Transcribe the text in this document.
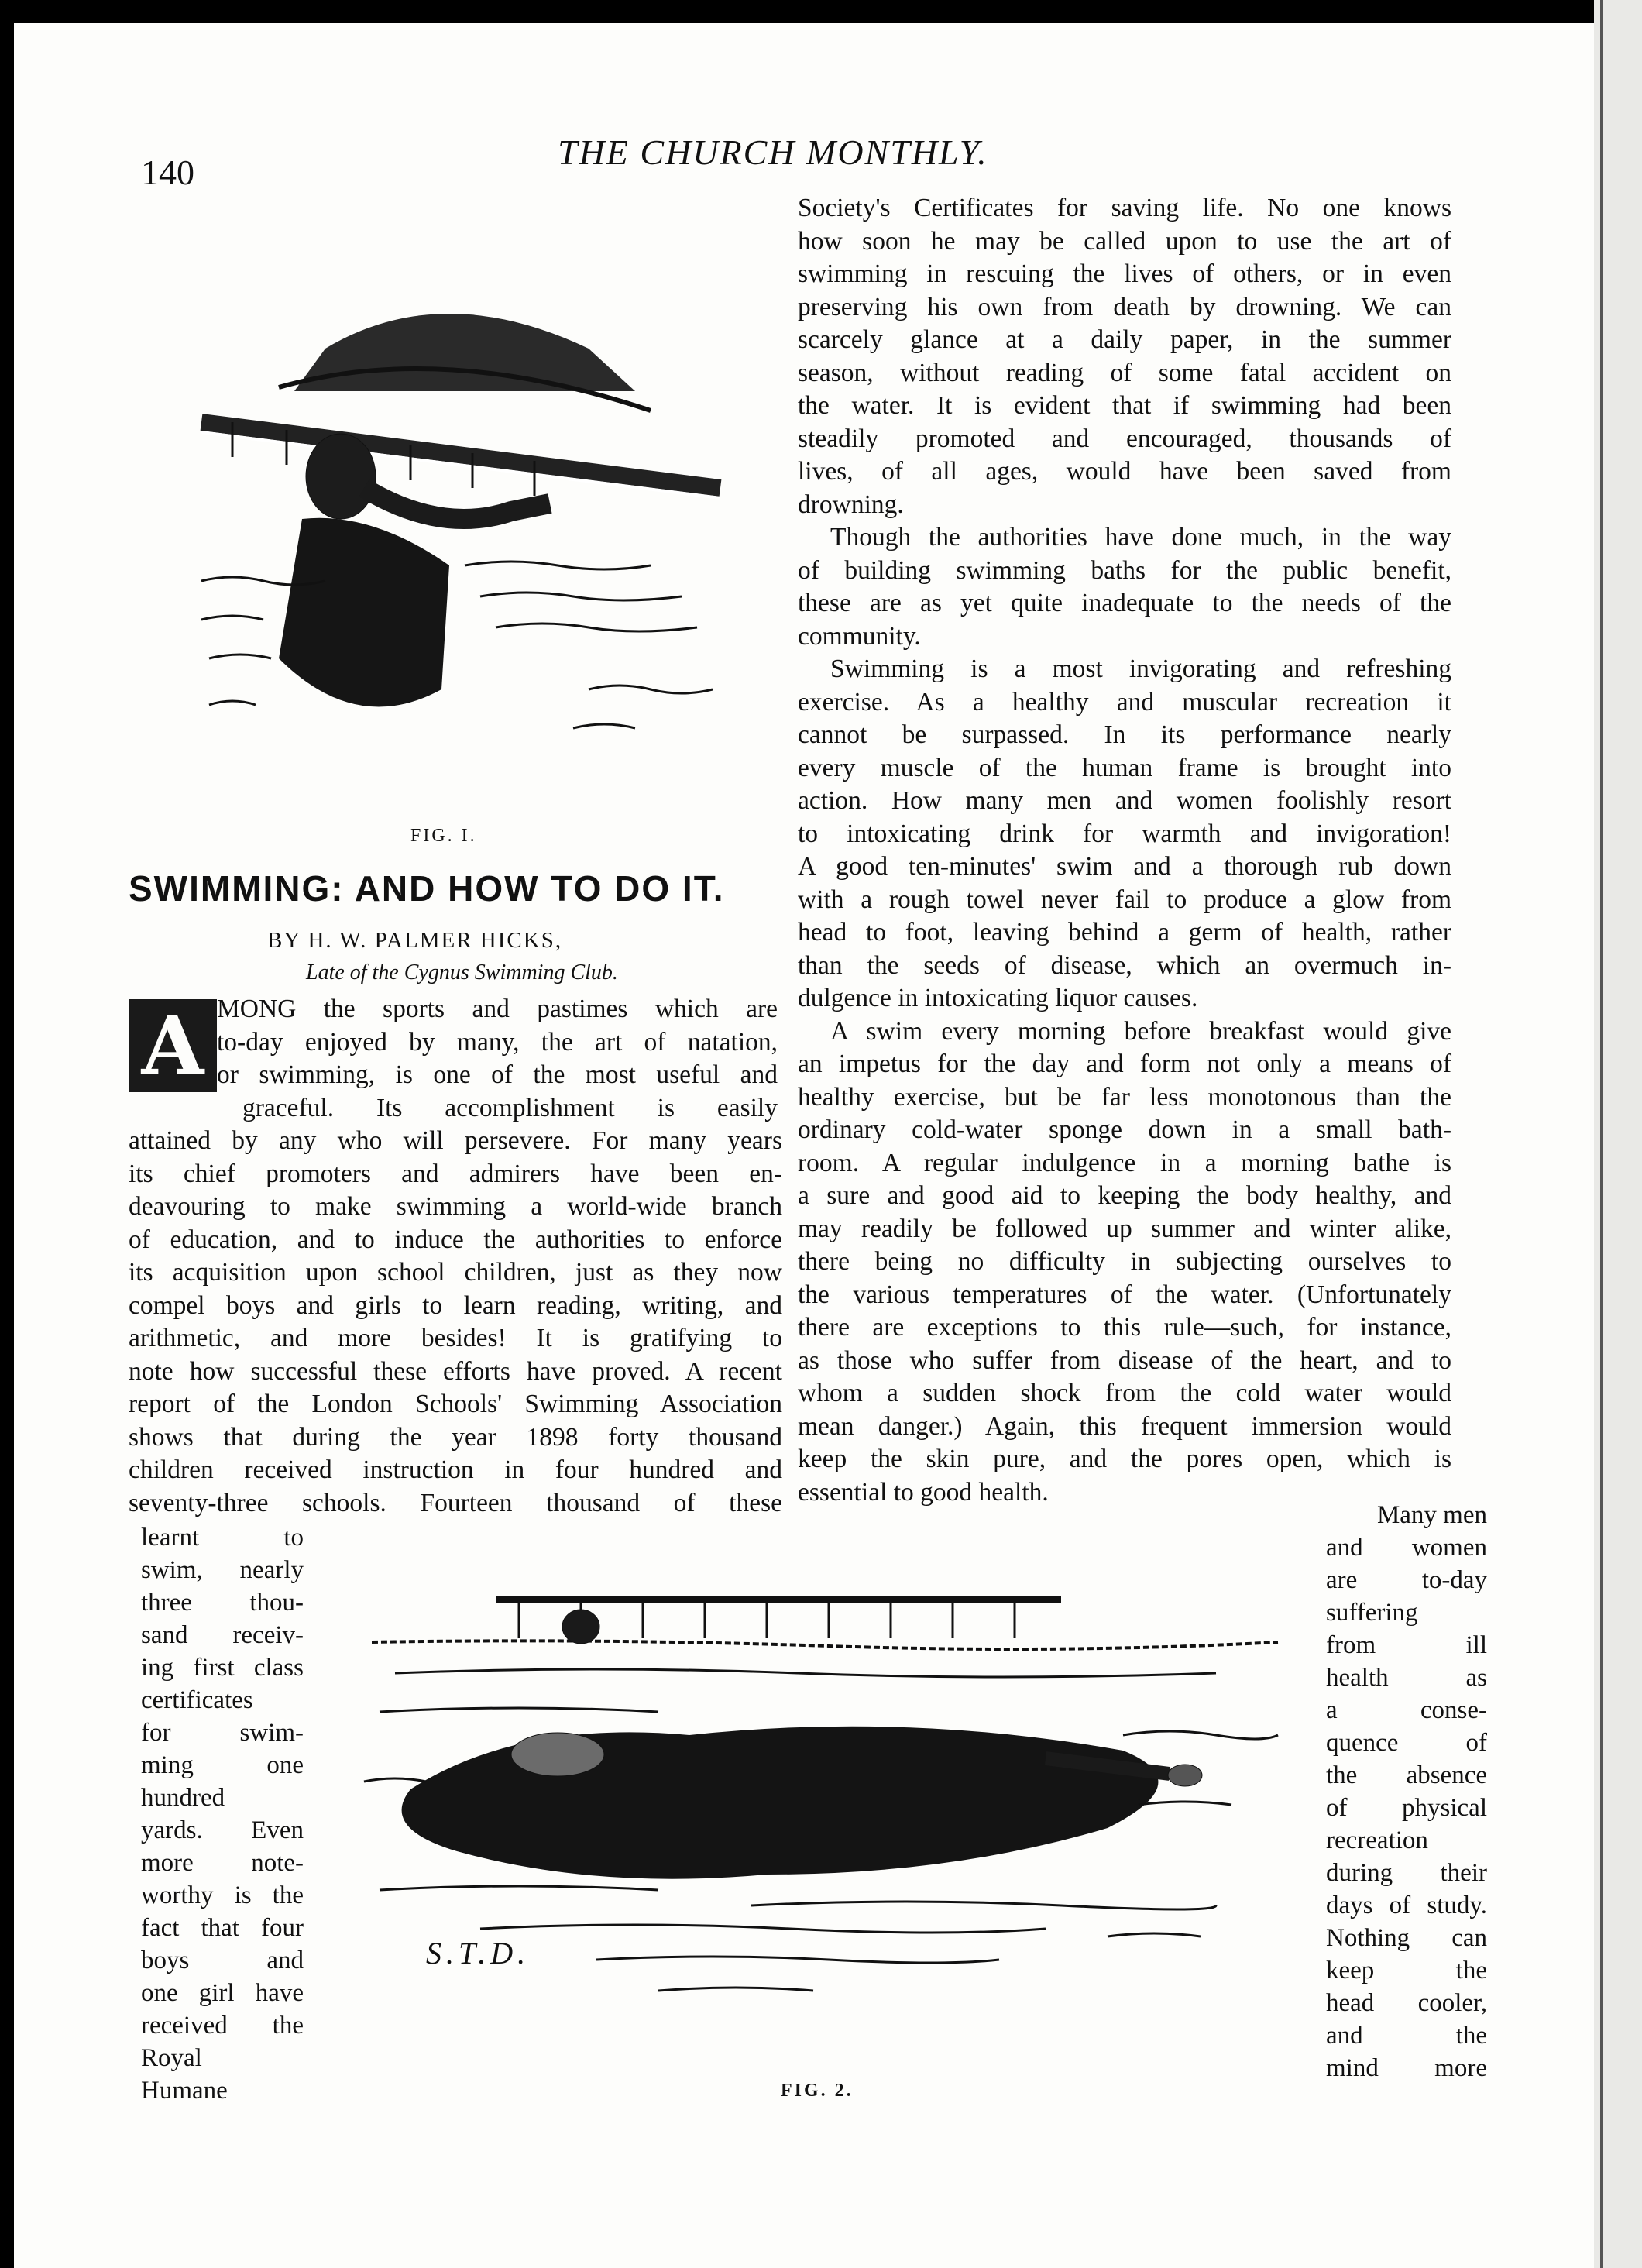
140
THE CHURCH MONTHLY.
FIG. I.
SWIMMING: AND HOW TO DO IT.
BY H. W. PALMER HICKS,
Late of the Cygnus Swimming Club.
A MONG the sports and pastimes which are
to-day enjoyed by many, the art of natation,
or swimming, is one of the most useful and
graceful. Its accomplishment is easily
attained by any who will persevere. For many years
its chief promoters and admirers have been en-
deavouring to make swimming a world-wide branch
of education, and to induce the authorities to enforce
its acquisition upon school children, just as they now
compel boys and girls to learn reading, writing, and
arithmetic, and more besides! It is gratifying to
note how successful these efforts have proved. A recent
report of the London Schools' Swimming Association
shows that during the year 1898 forty thousand
children received instruction in four hundred and
seventy-three schools. Fourteen thousand of these
Society's Certificates for saving life. No one knows
how soon he may be called upon to use the art of
swimming in rescuing the lives of others, or in even
preserving his own from death by drowning. We can
scarcely glance at a daily paper, in the summer
season, without reading of some fatal accident on
the water. It is evident that if swimming had been
steadily promoted and encouraged, thousands of
lives, of all ages, would have been saved from
drowning.
Though the authorities have done much, in the way
of building swimming baths for the public benefit,
these are as yet quite inadequate to the needs of the
community.
Swimming is a most invigorating and refreshing
exercise. As a healthy and muscular recreation it
cannot be surpassed. In its performance nearly
every muscle of the human frame is brought into
action. How many men and women foolishly resort
to intoxicating drink for warmth and invigoration!
A good ten-minutes' swim and a thorough rub down
with a rough towel never fail to produce a glow from
head to foot, leaving behind a germ of health, rather
than the seeds of disease, which an overmuch in-
dulgence in intoxicating liquor causes.
A swim every morning before breakfast would give
an impetus for the day and form not only a means of
healthy exercise, but be far less monotonous than the
ordinary cold-water sponge down in a small bath-
room. A regular indulgence in a morning bathe is
a sure and good aid to keeping the body healthy, and
may readily be followed up summer and winter alike,
there being no difficulty in subjecting ourselves to
the various temperatures of the water. (Unfortunately
there are exceptions to this rule—such, for instance,
as those who suffer from disease of the heart, and to
whom a sudden shock from the cold water would
mean danger.) Again, this frequent immersion would
keep the skin pure, and the pores open, which is
essential to good health.
learnt to
swim, nearly
three thou-
sand receiv-
ing first class
certificates
for swim-
ming one
hundred
yards. Even
more note-
worthy is the
fact that four
boys and
one girl have
received the
Royal
Humane
S.T.D.
FIG. 2.
Many men
and women
are to-day
suffering
from ill
health as
a conse-
quence of
the absence
of physical
recreation
during their
days of study.
Nothing can
keep the
head cooler,
and the
mind more
